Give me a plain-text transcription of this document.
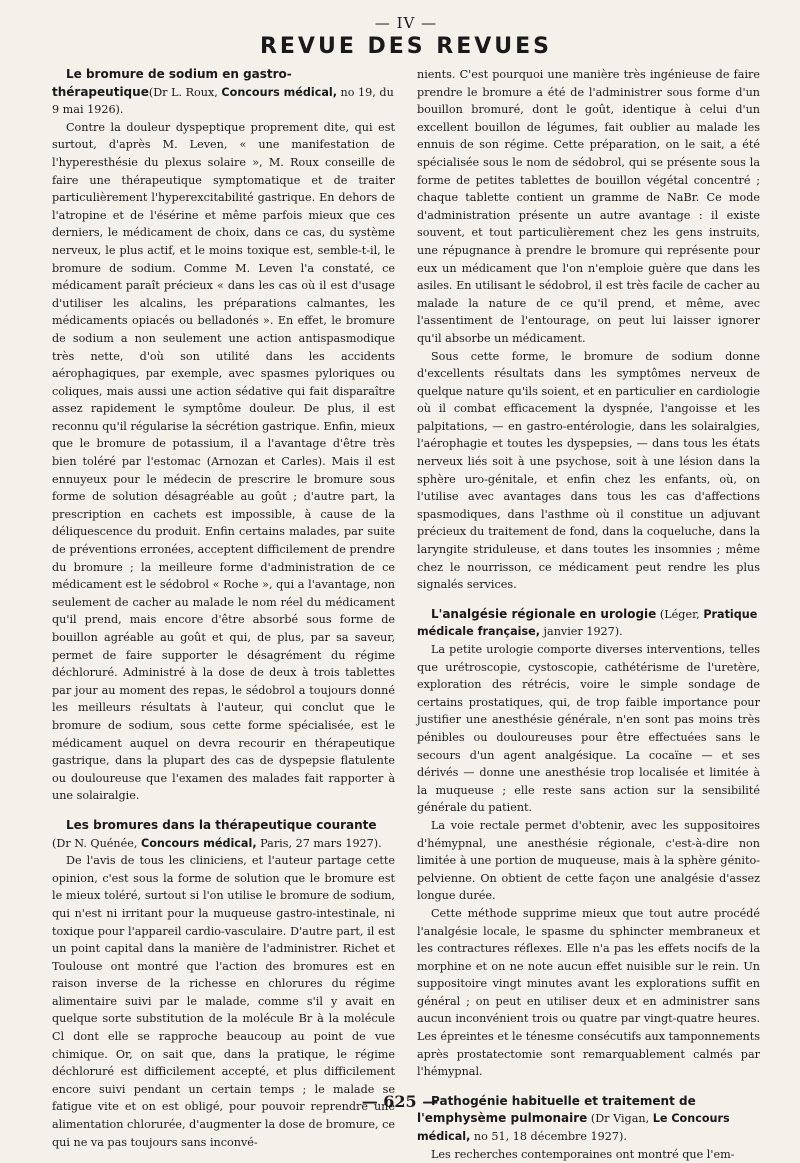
— IV —
REVUE DES REVUES

Le bromure de sodium en gastro-thérapeutique(Dr L. Roux, Concours médical, no 19, du 9 mai 1926).

Contre la douleur dyspeptique proprement dite, qui est surtout, d'après M. Leven, « une manifestation de l'hyperesthésie du plexus solaire », M. Roux conseille de faire une thérapeutique symptomatique et de traiter particulièrement l'hyperexcitabilité gastrique. En dehors de l'atropine et de l'ésérine et même parfois mieux que ces derniers, le médicament de choix, dans ce cas, du système nerveux, le plus actif, et le moins toxique est, semble-t-il, le bromure de sodium. Comme M. Leven l'a constaté, ce médicament paraît précieux « dans les cas où il est d'usage d'utiliser les alcalins, les préparations calmantes, les médicaments opiacés ou belladonés ». En effet, le bromure de sodium a non seulement une action antispasmodique très nette, d'où son utilité dans les accidents aérophagiques, par exemple, avec spasmes pyloriques ou coliques, mais aussi une action sédative qui fait disparaître assez rapidement le symptôme douleur. De plus, il est reconnu qu'il régularise la sécrétion gastrique. Enfin, mieux que le bromure de potassium, il a l'avantage d'être très bien toléré par l'estomac (Arnozan et Carles). Mais il est ennuyeux pour le médecin de prescrire le bromure sous forme de solution désagréable au goût ; d'autre part, la prescription en cachets est impossible, à cause de la déliquescence du produit. Enfin certains malades, par suite de préventions erronées, acceptent difficilement de prendre du bromure ; la meilleure forme d'administration de ce médicament est le sédobrol « Roche », qui a l'avantage, non seulement de cacher au malade le nom réel du médicament qu'il prend, mais encore d'être absorbé sous forme de bouillon agréable au goût et qui, de plus, par sa saveur, permet de faire supporter le désagrément du régime déchloruré. Administré à la dose de deux à trois tablettes par jour au moment des repas, le sédobrol a toujours donné les meilleurs résultats à l'auteur, qui conclut que le bromure de sodium, sous cette forme spécialisée, est le médicament auquel on devra recourir en thérapeutique gastrique, dans la plupart des cas de dyspepsie flatulente ou douloureuse que l'examen des malades fait rapporter à une solairalgie.

Les bromures dans la thérapeutique courante (Dr N. Quénée, Concours médical, Paris, 27 mars 1927).

De l'avis de tous les cliniciens, et l'auteur partage cette opinion, c'est sous la forme de solution que le bromure est le mieux toléré, surtout si l'on utilise le bromure de sodium, qui n'est ni irritant pour la muqueuse gastro-intestinale, ni toxique pour l'appareil cardio-vasculaire. D'autre part, il est un point capital dans la manière de l'administrer. Richet et Toulouse ont montré que l'action des bromures est en raison inverse de la richesse en chlorures du régime alimentaire suivi par le malade, comme s'il y avait en quelque sorte substitution de la molécule Br à la molécule Cl dont elle se rapproche beaucoup au point de vue chimique. Or, on sait que, dans la pratique, le régime déchloruré est difficilement accepté, et plus difficilement encore suivi pendant un certain temps ; le malade se fatigue vite et on est obligé, pour pouvoir reprendre une alimentation chlorurée, d'augmenter la dose de bromure, ce qui ne va pas toujours sans inconvé-

nients. C'est pourquoi une manière très ingénieuse de faire prendre le bromure a été de l'administrer sous forme d'un bouillon bromuré, dont le goût, identique à celui d'un excellent bouillon de légumes, fait oublier au malade les ennuis de son régime. Cette préparation, on le sait, a été spécialisée sous le nom de sédobrol, qui se présente sous la forme de petites tablettes de bouillon végétal concentré ; chaque tablette contient un gramme de NaBr. Ce mode d'administration présente un autre avantage : il existe souvent, et tout particulièrement chez les gens instruits, une répugnance à prendre le bromure qui représente pour eux un médicament que l'on n'emploie guère que dans les asiles. En utilisant le sédobrol, il est très facile de cacher au malade la nature de ce qu'il prend, et même, avec l'assentiment de l'entourage, on peut lui laisser ignorer qu'il absorbe un médicament.

Sous cette forme, le bromure de sodium donne d'excellents résultats dans les symptômes nerveux de quelque nature qu'ils soient, et en particulier en cardiologie où il combat efficacement la dyspnée, l'angoisse et les palpitations, — en gastro-entérologie, dans les solairalgies, l'aérophagie et toutes les dyspepsies, — dans tous les états nerveux liés soit à une psychose, soit à une lésion dans la sphère uro-génitale, et enfin chez les enfants, où, on l'utilise avec avantages dans tous les cas d'affections spasmodiques, dans l'asthme où il constitue un adjuvant précieux du traitement de fond, dans la coqueluche, dans la laryngite striduleuse, et dans toutes les insomnies ; même chez le nourrisson, ce médicament peut rendre les plus signalés services.

L'analgésie régionale en urologie (Léger, Pratique médicale française, janvier 1927).

La petite urologie comporte diverses interventions, telles que urétroscopie, cystoscopie, cathétérisme de l'uretère, exploration des rétrécis, voire le simple sondage de certains prostatiques, qui, de trop faible importance pour justifier une anesthésie générale, n'en sont pas moins très pénibles ou douloureuses pour être effectuées sans le secours d'un agent analgésique. La cocaïne — et ses dérivés — donne une anesthésie trop localisée et limitée à la muqueuse ; elle reste sans action sur la sensibilité générale du patient.

La voie rectale permet d'obtenir, avec les suppositoires d'hémypnal, une anesthésie régionale, c'est-à-dire non limitée à une portion de muqueuse, mais à la sphère génito-pelvienne. On obtient de cette façon une analgésie d'assez longue durée.

Cette méthode supprime mieux que tout autre procédé l'analgésie locale, le spasme du sphincter membraneux et les contractures réflexes. Elle n'a pas les effets nocifs de la morphine et on ne note aucun effet nuisible sur le rein. Un suppositoire vingt minutes avant les explorations suffit en général ; on peut en utiliser deux et en administrer sans aucun inconvénient trois ou quatre par vingt-quatre heures. Les épreintes et le ténesme consécutifs aux tamponnements après prostatectomie sont remarquablement calmés par l'hémypnal.

Pathogénie habituelle et traitement de l'emphysème pulmonaire (Dr Vigan, Le Concours médical, no 51, 18 décembre 1927).

Les recherches contemporaines ont montré que l'em-

— 625 —
